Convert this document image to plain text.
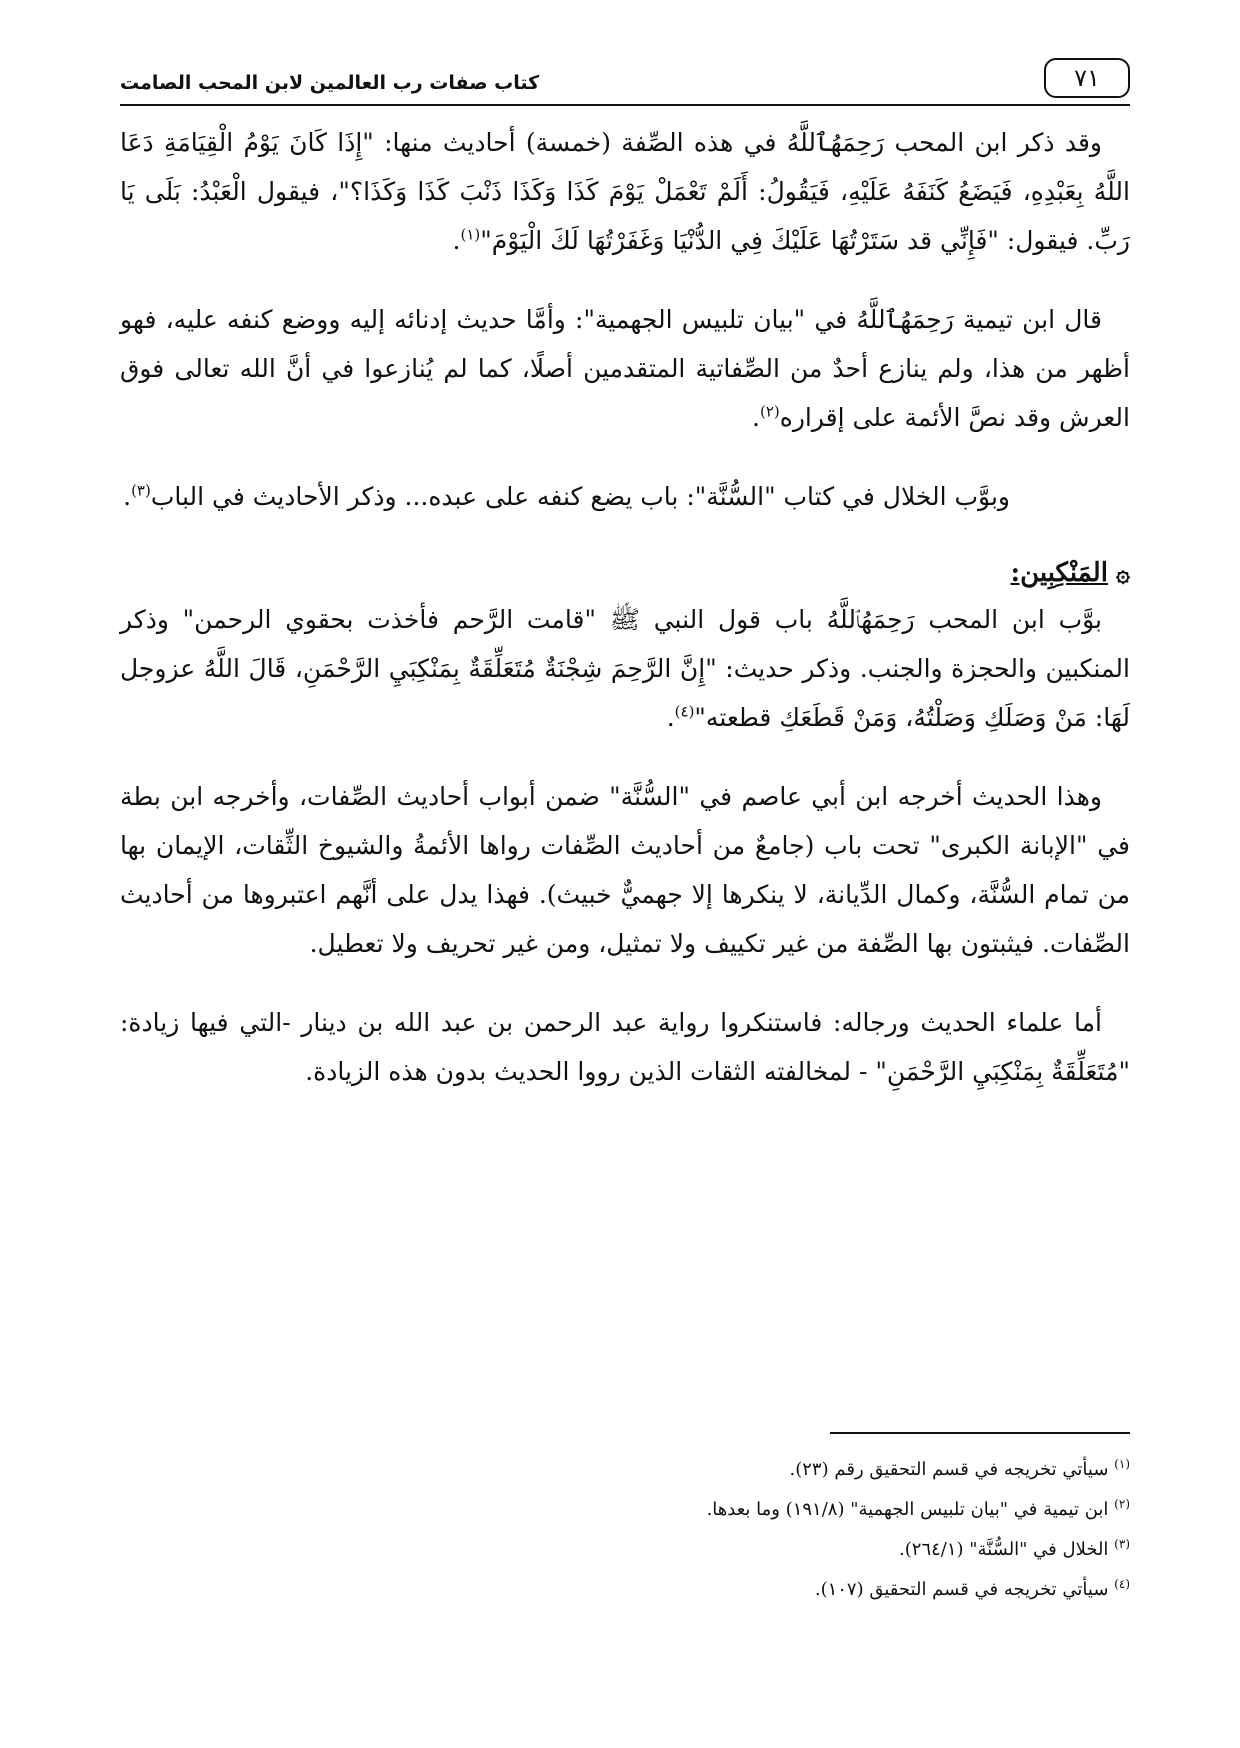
٧١
كتاب صفات رب العالمين لابن المحب الصامت

وقد ذكر ابن المحب رَحِمَهُٱللَّهُ في هذه الصِّفة (خمسة) أحاديث منها: "إِذَا كَانَ يَوْمُ الْقِيَامَةِ دَعَا اللَّهُ بِعَبْدِهِ، فَيَضَعُ كَنَفَهُ عَلَيْهِ، فَيَقُولُ: أَلَمْ تَعْمَلْ يَوْمَ كَذَا وَكَذَا ذَنْبَ كَذَا وَكَذَا؟"، فيقول الْعَبْدُ: بَلَى يَا رَبِّ. فيقول: "فَإِنِّي قد سَتَرْتُهَا عَلَيْكَ فِي الدُّنْيَا وَغَفَرْتُهَا لَكَ الْيَوْمَ"$^{(١)}$.

قال ابن تيمية رَحِمَهُٱللَّهُ في "بيان تلبيس الجهمية": وأمَّا حديث إدنائه إليه ووضع كنفه عليه، فهو أظهر من هذا، ولم ينازع أحدٌ من الصِّفاتية المتقدمين أصلًا، كما لم يُنازعوا في أنَّ الله تعالى فوق العرش وقد نصَّ الأئمة على إقراره$^{(٢)}$.

وبوَّب الخلال في كتاب "السُّنَّة": باب يضع كنفه على عبده... وذكر الأحاديث في الباب$^{(٣)}$.

۞المَنْكِبِين:

بوَّب ابن المحب رَحِمَهُٱللَّهُ باب قول النبي ﷺ "قامت الرَّحم فأخذت بحقوي الرحمن" وذكر المنكبين والحجزة والجنب. وذكر حديث: "إِنَّ الرَّحِمَ شِجْنَةٌ مُتَعَلِّقَةٌ بِمَنْكِبَيِ الرَّحْمَنِ، قَالَ اللَّهُ عزوجل لَهَا: مَنْ وَصَلَكِ وَصَلْتُهُ، وَمَنْ قَطَعَكِ قطعته"$^{(٤)}$.

وهذا الحديث أخرجه ابن أبي عاصم في "السُّنَّة" ضمن أبواب أحاديث الصِّفات، وأخرجه ابن بطة في "الإبانة الكبرى" تحت باب (جامعٌ من أحاديث الصِّفات رواها الأئمةُ والشيوخ الثِّقات، الإيمان بها من تمام السُّنَّة، وكمال الدِّيانة، لا ينكرها إلا جهميٌّ خبيث). فهذا يدل على أنَّهم اعتبروها من أحاديث الصِّفات. فيثبتون بها الصِّفة من غير تكييف ولا تمثيل، ومن غير تحريف ولا تعطيل.

أما علماء الحديث ورجاله: فاستنكروا رواية عبد الرحمن بن عبد الله بن دينار -التي فيها زيادة: "مُتَعَلِّقَةٌ بِمَنْكِبَيِ الرَّحْمَنِ" - لمخالفته الثقات الذين رووا الحديث بدون هذه الزيادة.

$^{(١)}$ سيأتي تخريجه في قسم التحقيق رقم (٢٣).

$^{(٢)}$ ابن تيمية في "بيان تلبيس الجهمية" (١٩١/٨) وما بعدها.

$^{(٣)}$ الخلال في "السُّنَّة" (٢٦٤/١).

$^{(٤)}$ سيأتي تخريجه في قسم التحقيق (١٠٧).
